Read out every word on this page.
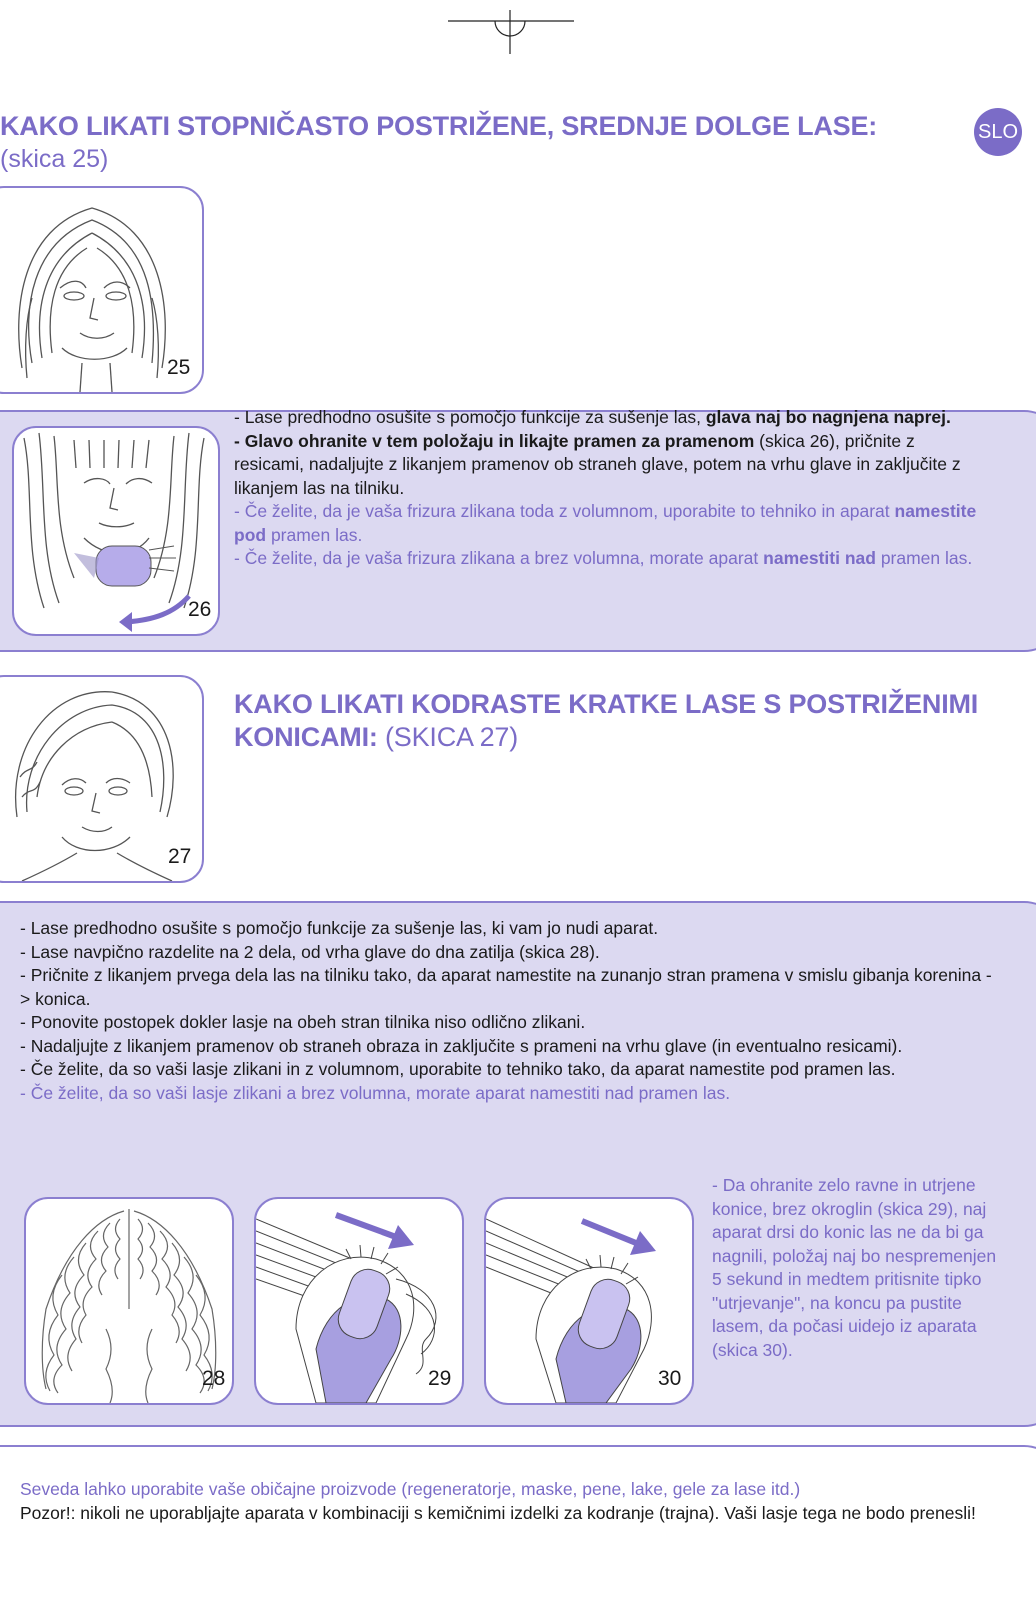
SLO
KAKO LIKATI STOPNIČASTO POSTRIŽENE, SREDNJE DOLGE LASE:
(skica 25)
25
26

- Lase predhodno osušite s pomočjo funkcije za sušenje las, glava naj bo nagnjena naprej.

- Glavo ohranite v tem položaju in likajte pramen za pramenom (skica 26), pričnite z resicami, nadaljujte z likanjem pramenov ob straneh glave, potem na vrhu glave in zaključite z likanjem las na tilniku.

- Če želite, da je vaša frizura zlikana toda z volumnom, uporabite to tehniko in aparat namestite pod pramen las.

- Če želite, da je vaša frizura zlikana a brez volumna, morate aparat namestiti nad pramen las.

27
KAKO LIKATI KODRASTE KRATKE LASE S POSTRIŽENIMI KONICAMI: (SKICA 27)

- Lase predhodno osušite s pomočjo funkcije za sušenje las, ki vam jo nudi aparat.

- Lase navpično razdelite na 2 dela, od vrha glave do dna zatilja (skica 28).

- Pričnite z likanjem prvega dela las na tilniku tako, da aparat namestite na zunanjo stran pramena v smislu gibanja korenina -> konica.

- Ponovite postopek dokler lasje na obeh stran tilnika niso odlično zlikani.

- Nadaljujte z likanjem pramenov ob straneh obraza in zaključite s prameni na vrhu glave (in eventualno resicami).

- Če želite, da so vaši lasje zlikani in z volumnom, uporabite to tehniko tako, da aparat namestite pod pramen las.

- Če želite, da so vaši lasje zlikani a brez volumna, morate aparat namestiti nad pramen las.

28	29	30
- Da ohranite zelo ravne in utrjene konice, brez okroglin (skica 29), naj aparat drsi do konic las ne da bi ga nagnili, položaj naj bo nespremenjen 5 sekund in medtem pritisnite tipko "utrjevanje", na koncu pa pustite lasem, da počasi uidejo iz aparata (skica 30).

Seveda lahko uporabite vaše običajne proizvode (regeneratorje, maske, pene, lake, gele za lase itd.)

Pozor!: nikoli ne uporabljajte aparata v kombinaciji s kemičnimi izdelki za kodranje (trajna). Vaši lasje tega ne bodo prenesli!
